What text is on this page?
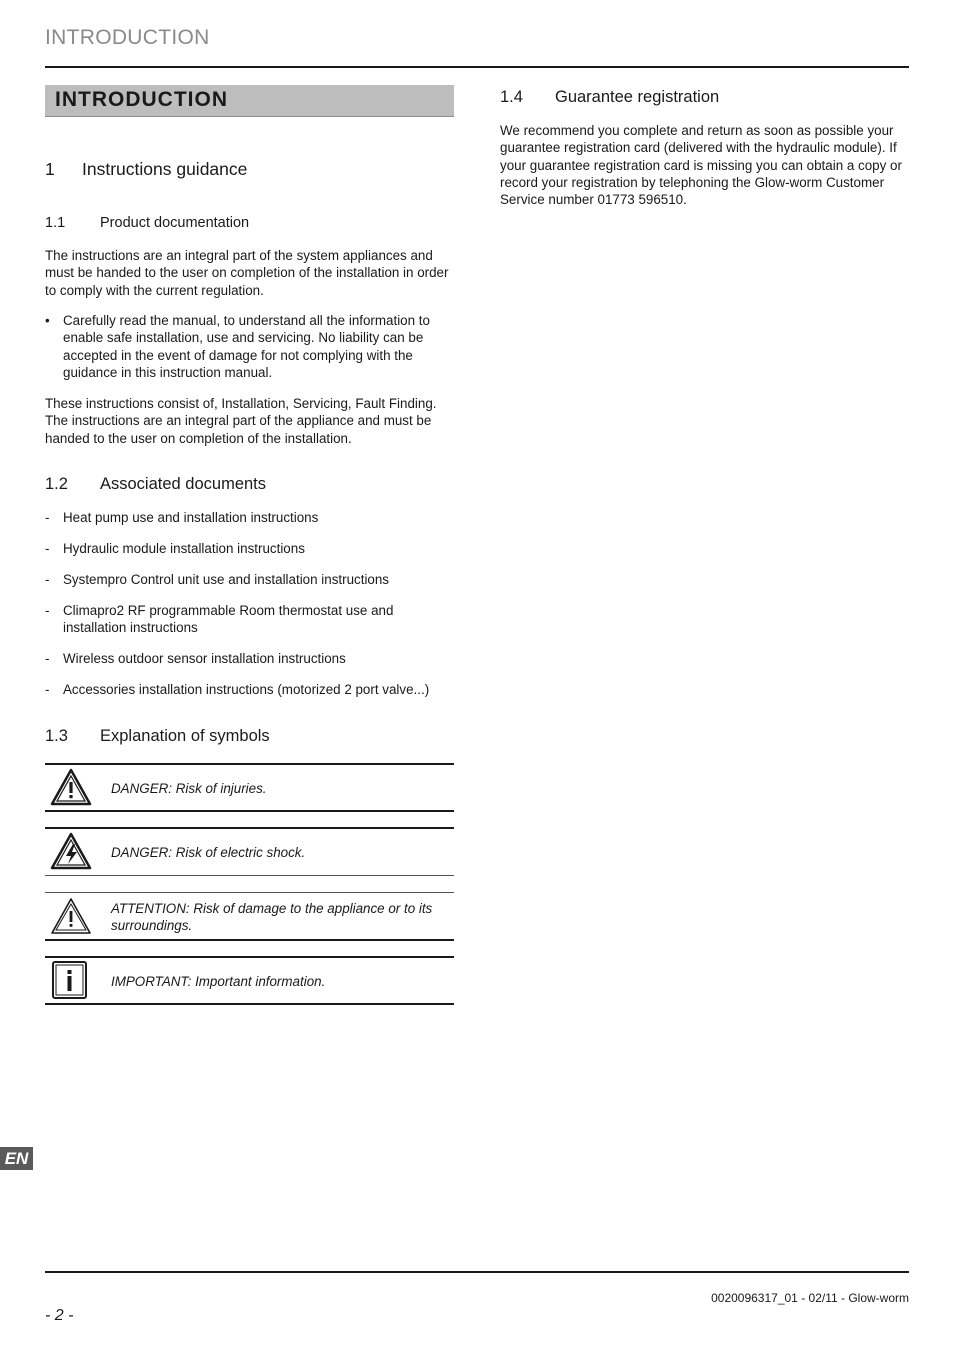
INTRODUCTION
INTRODUCTION
1 Instructions guidance
1.1 Product documentation
The instructions are an integral part of the system appliances and must be handed to the user on completion of the installation in order to comply with the current regulation.
• Carefully read the manual, to understand all the information to enable safe installation, use and servicing. No liability can be accepted in the event of damage for not complying with the guidance in this instruction manual.
These instructions consist of, Installation, Servicing, Fault Finding. The instructions are an integral part of the appliance and must be handed to the user on completion of the installation.
1.2 Associated documents
- Heat pump use and installation instructions
- Hydraulic module installation instructions
- Systempro Control unit use and installation instructions
- Climapro2 RF programmable Room thermostat use and installation instructions
- Wireless outdoor sensor installation instructions
- Accessories installation instructions (motorized 2 port valve...)
1.3 Explanation of symbols
DANGER: Risk of injuries.
DANGER: Risk of electric shock.
ATTENTION: Risk of damage to the appliance or to its surroundings.
IMPORTANT: Important information.
1.4 Guarantee registration
We recommend you complete and return as soon as possible your guarantee registration card (delivered with the hydraulic module). If your guarantee registration card is missing you can obtain a copy or record your registration by telephoning the Glow-worm Customer Service number 01773 596510.
EN
0020096317_01 - 02/11 - Glow-worm
- 2 -
